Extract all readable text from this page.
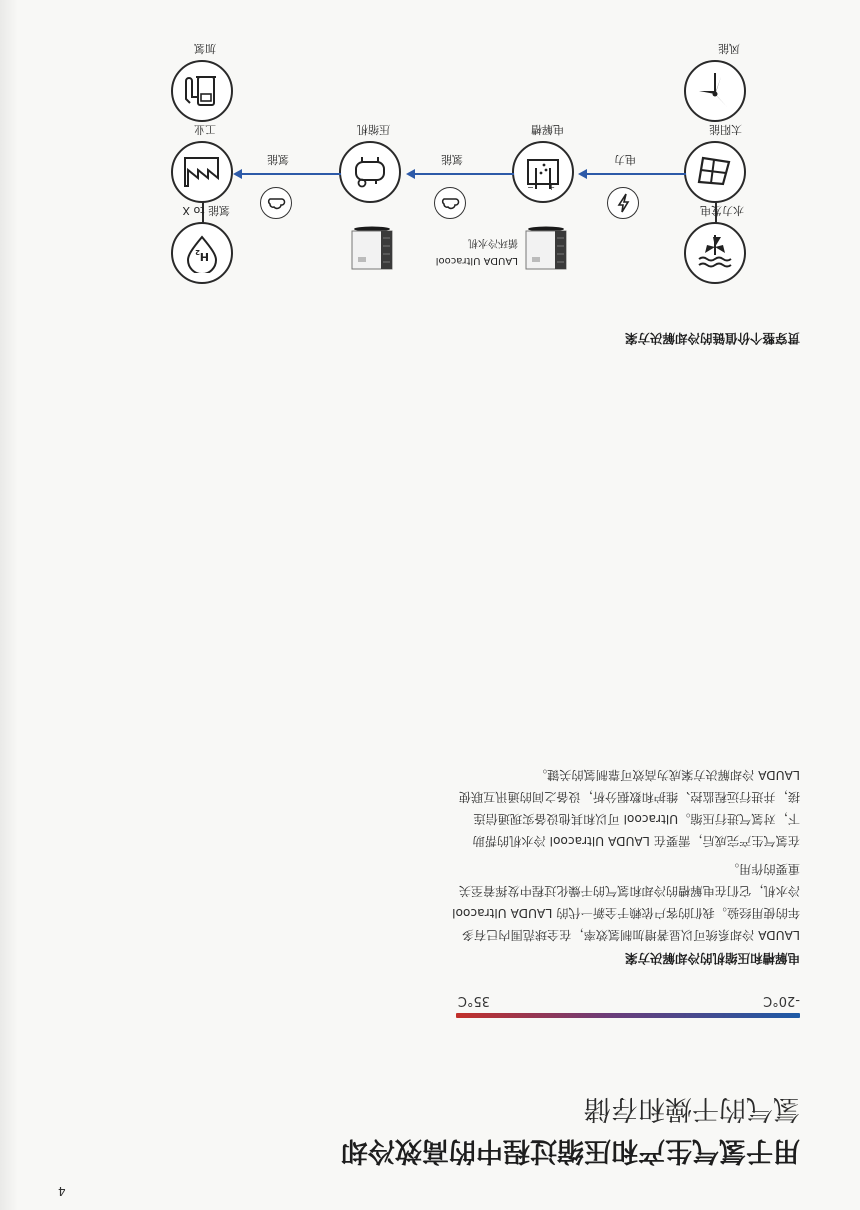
4
用于氢气生产和压缩过程中的高效冷却
氢气的干燥和存储
-20°C
35°C
电解槽和压缩机的冷却解决方案

LAUDA 冷却系统可以显著增加制氢效率，在全球范围内已有多年的使用经验。我们的客户依赖于全新一代的 LAUDA Ultracool 冷水机，它们在电解槽的冷却和氢气的干燥化过程中发挥着至关重要的作用。

在氢气生产完成后，需要在 LAUDA Ultracool 冷水机的帮助下，对氢气进行压缩。Ultracool 可以和其他设备实现通信连接，并进行远程监控、维护和数据分析，设备之间的通讯互联使 LAUDA 冷却解决方案成为高效可靠制氢的关键。

贯穿整个价值链的冷却解决方案
水力发电
太阳能
风能
电力
+
−
电解槽
LAUDA Ultracool
循环冷水机
氢能
压缩机
氢能
H
2
氢能 to X
工业
加氢
